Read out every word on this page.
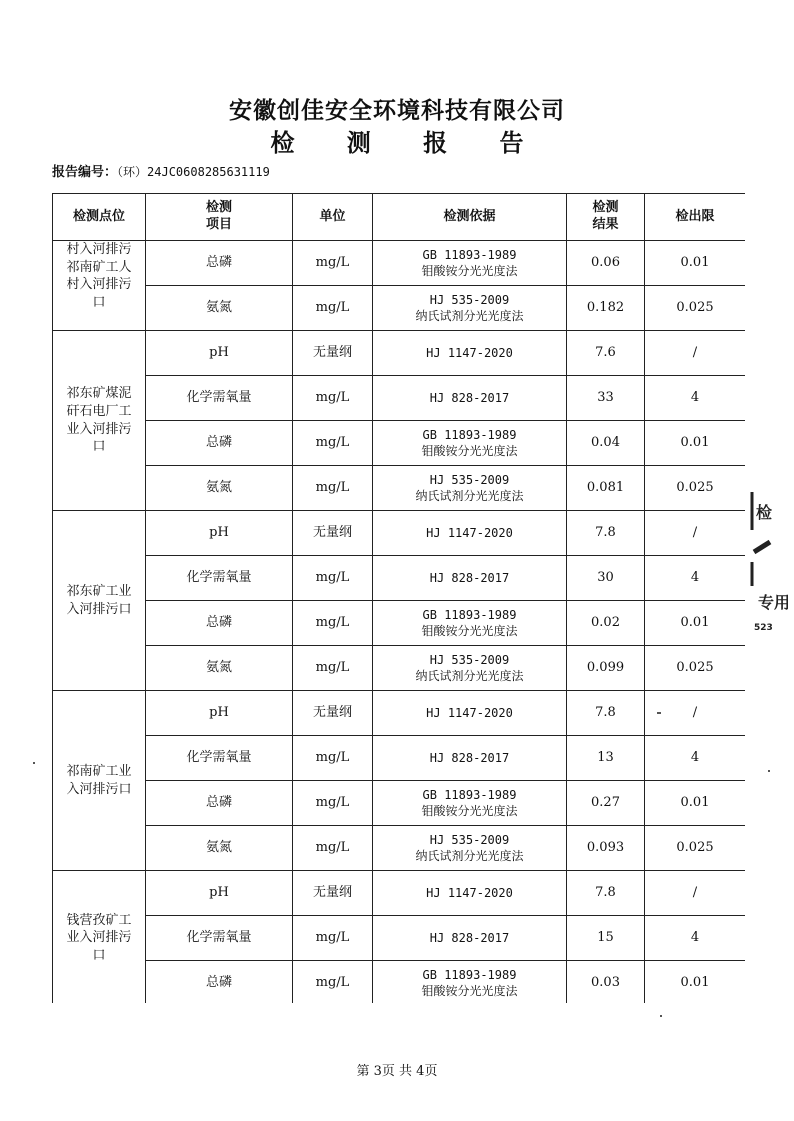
安徽创佳安全环境科技有限公司
检 测 报 告
报告编号：（环）24JC0608285631119
检测点位	检测项目	单位	检测依据	检测结果	检出限
村入河排污祁南矿工人村入河排污口	总磷	mg/L	GB 11893-1989
钼酸铵分光光度法	0.06	0.01
	氨氮	mg/L	HJ 535-2009
纳氏试剂分光光度法	0.182	0.025
祁东矿煤泥矸石电厂工业入河排污口	pH	无量纲	HJ 1147-2020	7.6	/
	化学需氧量	mg/L	HJ 828-2017	33	4
	总磷	mg/L	GB 11893-1989
钼酸铵分光光度法	0.04	0.01
	氨氮	mg/L	HJ 535-2009
纳氏试剂分光光度法	0.081	0.025
祁东矿工业入河排污口	pH	无量纲	HJ 1147-2020	7.8	/
	化学需氧量	mg/L	HJ 828-2017	30	4
	总磷	mg/L	GB 11893-1989
钼酸铵分光光度法	0.02	0.01
	氨氮	mg/L	HJ 535-2009
纳氏试剂分光光度法	0.099	0.025
祁南矿工业入河排污口	pH	无量纲	HJ 1147-2020	7.8	/
	化学需氧量	mg/L	HJ 828-2017	13	4
	总磷	mg/L	GB 11893-1989
钼酸铵分光光度法	0.27	0.01
	氨氮	mg/L	HJ 535-2009
纳氏试剂分光光度法	0.093	0.025
钱营孜矿工业入河排污口	pH	无量纲	HJ 1147-2020	7.8	/
	化学需氧量	mg/L	HJ 828-2017	15	4
	总磷	mg/L	GB 11893-1989
钼酸铵分光光度法	0.03	0.01
第 3页 共 4页
检
专用
523
